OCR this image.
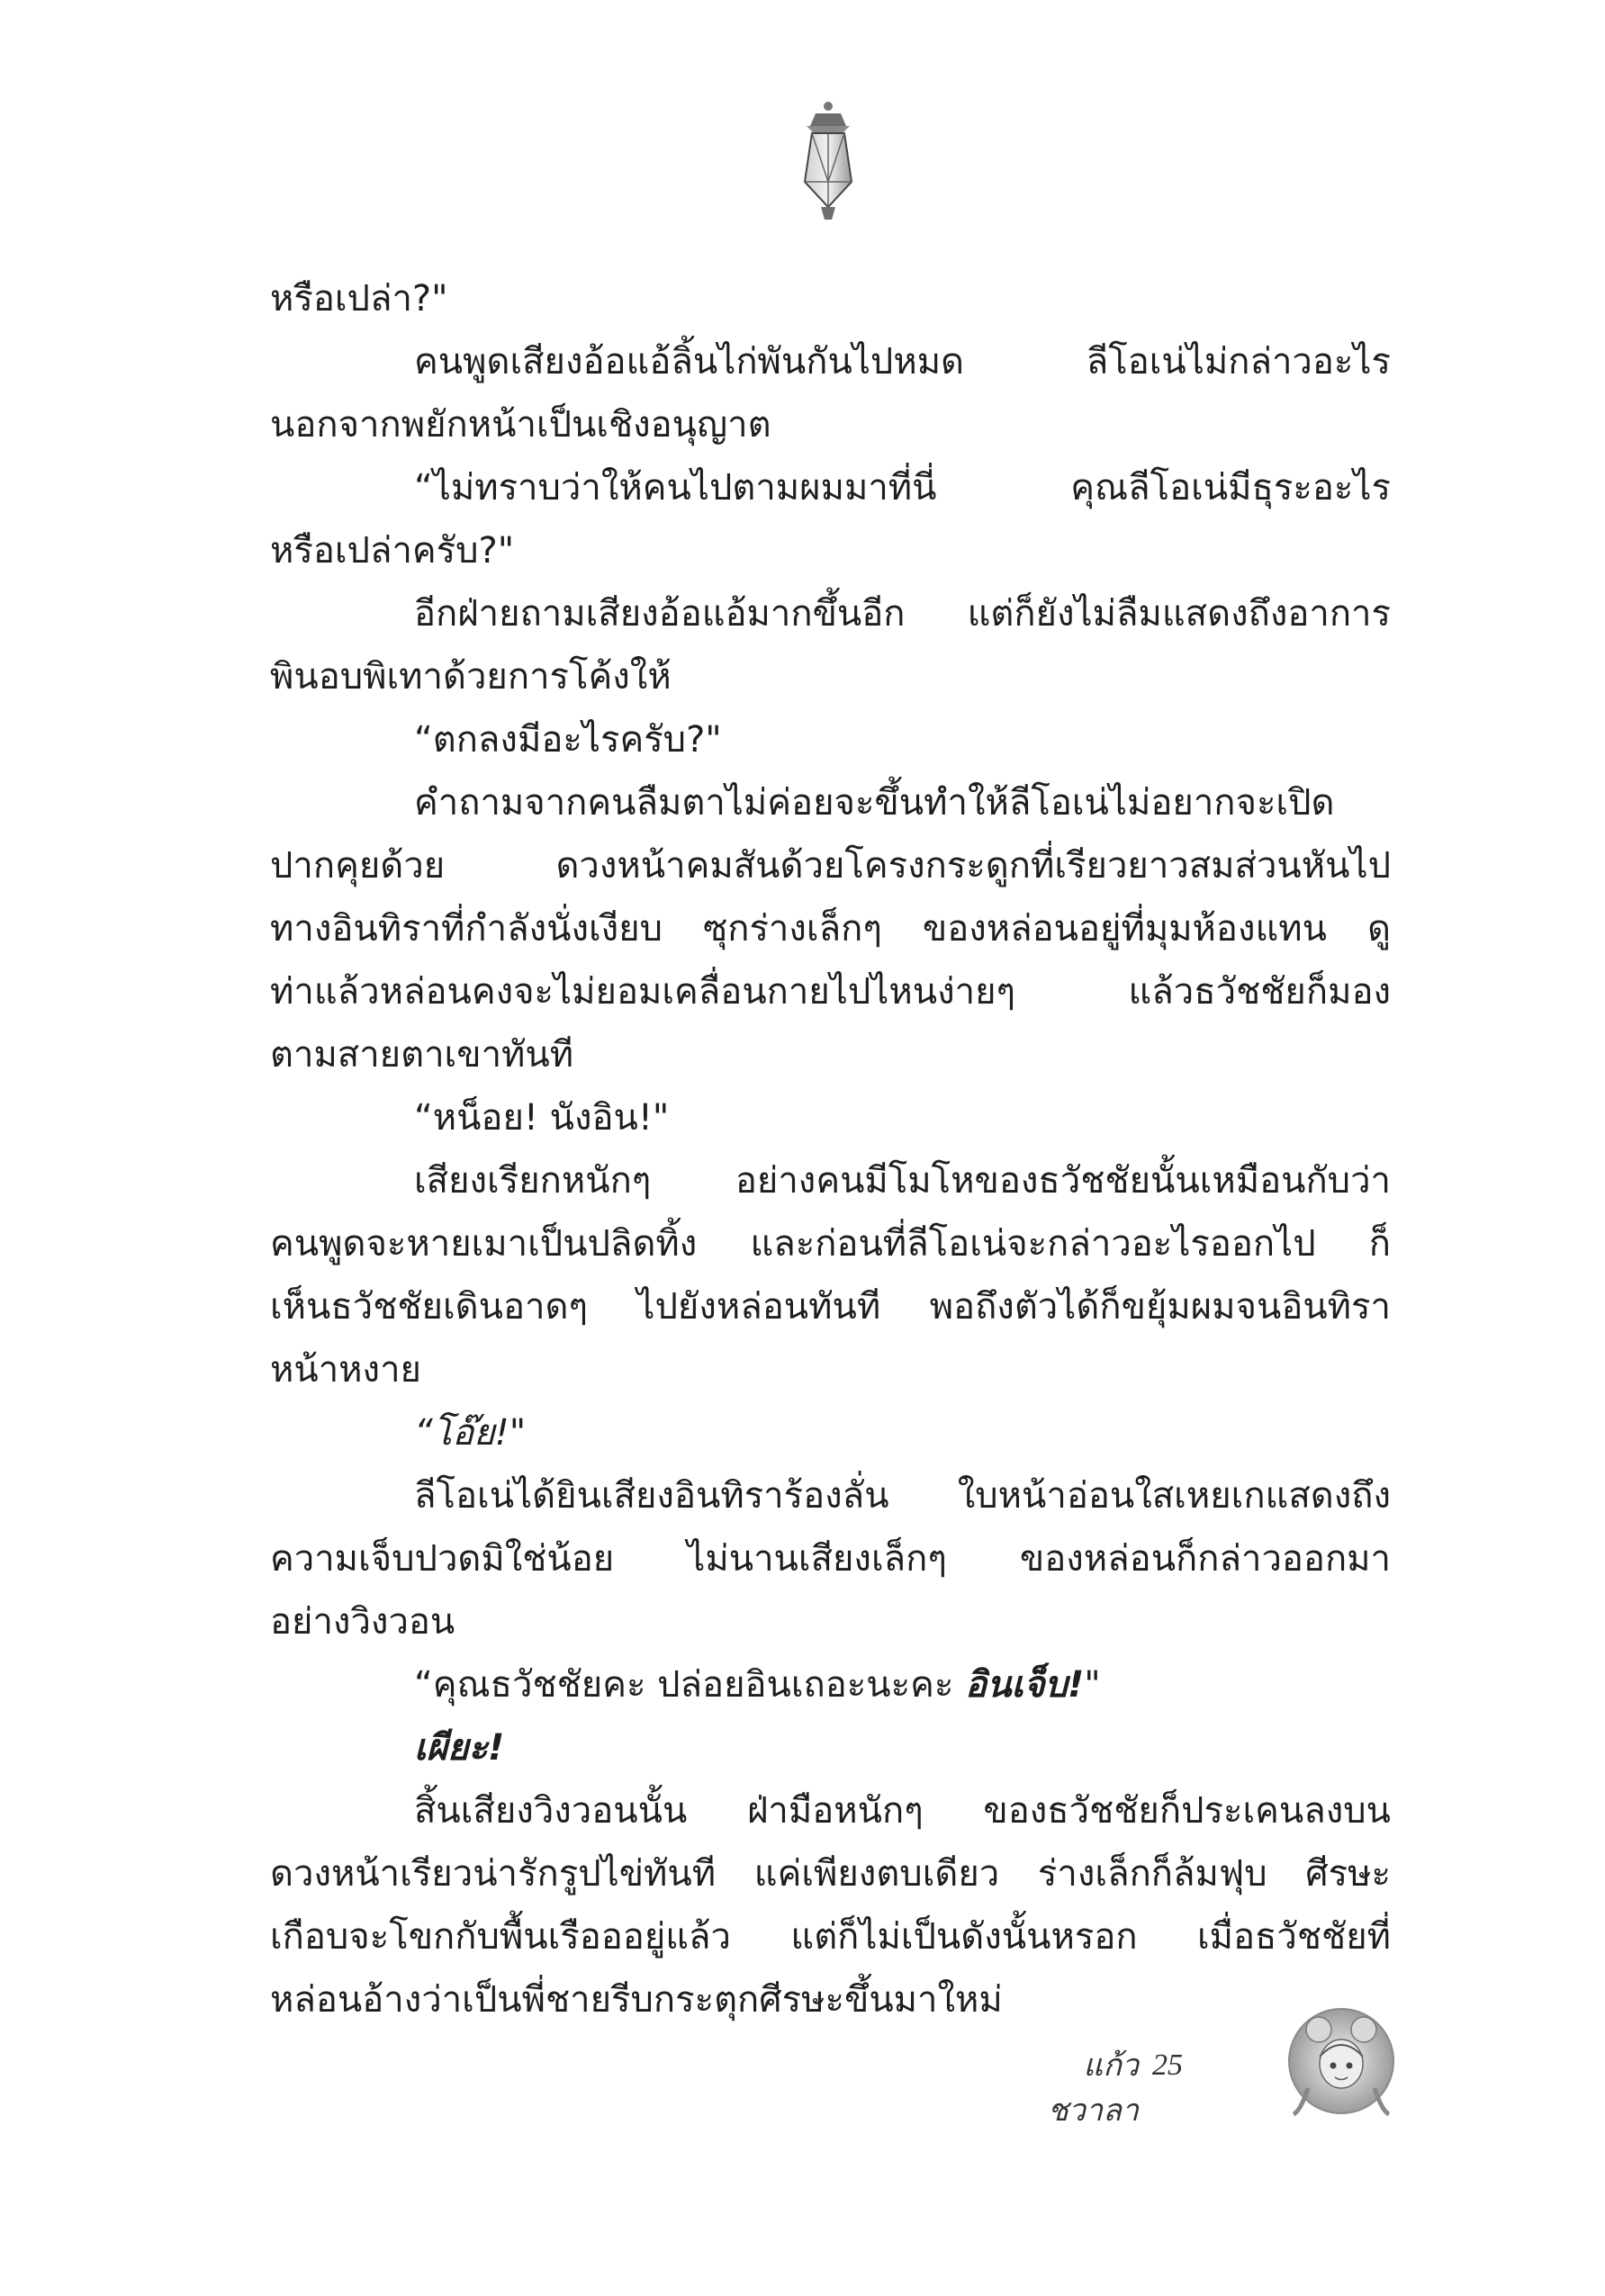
หรือเปล่า?"
คนพูดเสียงอ้อแอ้ลิ้นไก่พันกันไปหมด ลีโอเน่ไม่กล่าวอะไร
นอกจากพยักหน้าเป็นเชิงอนุญาต
“ไม่ทราบว่าให้คนไปตามผมมาที่นี่ คุณลีโอเน่มีธุระอะไร
หรือเปล่าครับ?"
อีกฝ่ายถามเสียงอ้อแอ้มากขึ้นอีก แต่ก็ยังไม่ลืมแสดงถึงอาการ
พินอบพิเทาด้วยการโค้งให้
“ตกลงมีอะไรครับ?"
คำถามจากคนลืมตาไม่ค่อยจะขึ้นทำให้ลีโอเน่ไม่อยากจะเปิด
ปากคุยด้วย ดวงหน้าคมสันด้วยโครงกระดูกที่เรียวยาวสมส่วนหันไป
ทางอินทิราที่กำลังนั่งเงียบ ซุกร่างเล็กๆ ของหล่อนอยู่ที่มุมห้องแทน ดู
ท่าแล้วหล่อนคงจะไม่ยอมเคลื่อนกายไปไหนง่ายๆ แล้วธวัชชัยก็มอง
ตามสายตาเขาทันที
“หน็อย! นังอิน!"
เสียงเรียกหนักๆ อย่างคนมีโมโหของธวัชชัยนั้นเหมือนกับว่า
คนพูดจะหายเมาเป็นปลิดทิ้ง และก่อนที่ลีโอเน่จะกล่าวอะไรออกไป ก็
เห็นธวัชชัยเดินอาดๆ ไปยังหล่อนทันที พอถึงตัวได้ก็ขยุ้มผมจนอินทิรา
หน้าหงาย
“โอ๊ย!"
ลีโอเน่ได้ยินเสียงอินทิราร้องลั่น ใบหน้าอ่อนใสเหยเกแสดงถึง
ความเจ็บปวดมิใช่น้อย ไม่นานเสียงเล็กๆ ของหล่อนก็กล่าวออกมา
อย่างวิงวอน
“คุณธวัชชัยคะ ปล่อยอินเถอะนะคะ อินเจ็บ!"
เผียะ!
สิ้นเสียงวิงวอนนั้น ฝ่ามือหนักๆ ของธวัชชัยก็ประเคนลงบน
ดวงหน้าเรียวน่ารักรูปไข่ทันที แค่เพียงตบเดียว ร่างเล็กก็ล้มฟุบ ศีรษะ
เกือบจะโขกกับพื้นเรือออยู่แล้ว แต่ก็ไม่เป็นดังนั้นหรอก เมื่อธวัชชัยที่
หล่อนอ้างว่าเป็นพี่ชายรีบกระตุกศีรษะขึ้นมาใหม่
แก้วชวาลา
25
